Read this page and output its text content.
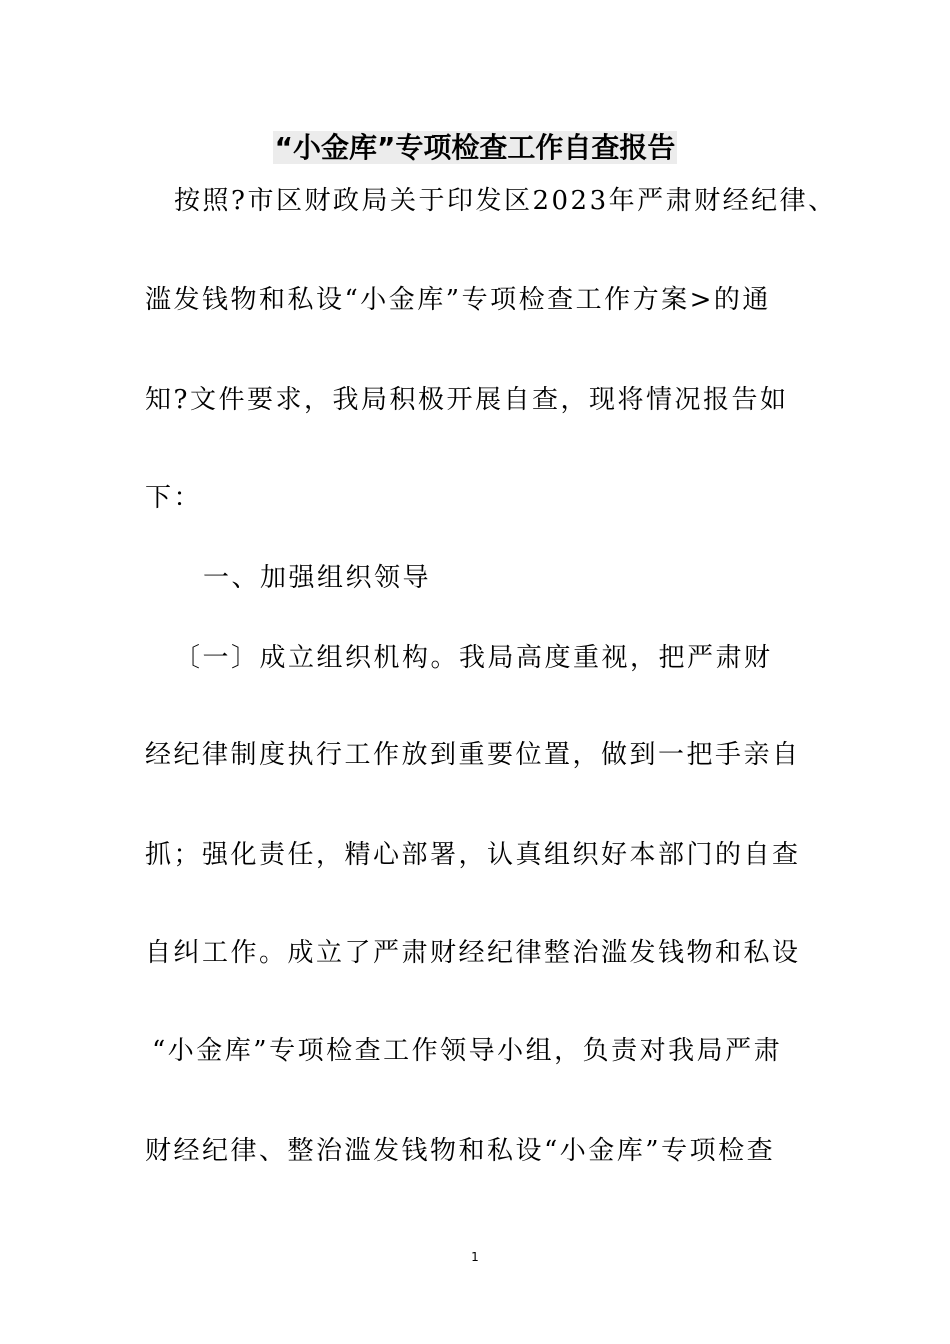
“小金库”专项检查工作自查报告
按照?市区财政局关于印发区2023年严肃财经纪律、
滥发钱物和私设“小金库”专项检查工作方案>的通
知?文件要求，我局积极开展自查，现将情况报告如
下：
一、加强组织领导
〔一〕成立组织机构。我局高度重视，把严肃财
经纪律制度执行工作放到重要位置，做到一把手亲自
抓；强化责任，精心部署，认真组织好本部门的自查
自纠工作。成立了严肃财经纪律整治滥发钱物和私设
“小金库”专项检查工作领导小组，负责对我局严肃
财经纪律、整治滥发钱物和私设“小金库”专项检查
1
